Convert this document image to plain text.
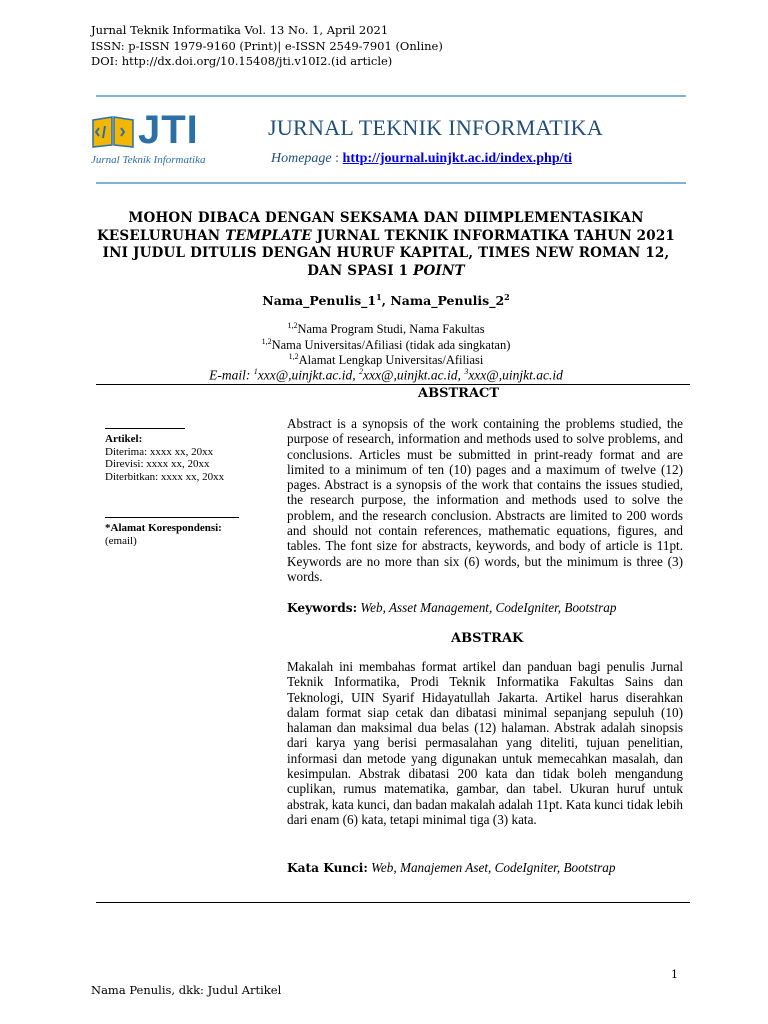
Jurnal Teknik Informatika Vol. 13 No. 1, April 2021
ISSN: p-ISSN 1979-9160 (Print)| e-ISSN 2549-7901 (Online)
DOI: http://dx.doi.org/10.15408/jti.v10I2.(id article)
JTI
Jurnal Teknik Informatika
JURNAL TEKNIK INFORMATIKA
Homepage : http://journal.uinjkt.ac.id/index.php/ti
MOHON DIBACA DENGAN SEKSAMA DAN DIIMPLEMENTASIKAN KESELURUHAN TEMPLATE JURNAL TEKNIK INFORMATIKA TAHUN 2021 INI JUDUL DITULIS DENGAN HURUF KAPITAL, TIMES NEW ROMAN 12, DAN SPASI 1 POINT
$Nama\_Penulis\_1^1$, $Nama\_Penulis\_2^2$
$^{1,2}$Nama Program Studi, Nama Fakultas
$^{1,2}$Nama Universitas/Afiliasi (tidak ada singkatan)
$^{1,2}$Alamat Lengkap Universitas/Afiliasi
E-mail: $^1$xxx@,uinjkt.ac.id, $^2$xxx@,uinjkt.ac.id, $^3$xxx@,uinjkt.ac.id
ABSTRACT
Artikel:
Diterima: xxxx xx, 20xx
Direvisi: xxxx xx, 20xx
Diterbitkan: xxxx xx, 20xx
*Alamat Korespondensi:
(email)
Abstract is a synopsis of the work containing the problems studied, the purpose of research, information and methods used to solve problems, and conclusions. Articles must be submitted in print-ready format and are limited to a minimum of ten (10) pages and a maximum of twelve (12) pages. Abstract is a synopsis of the work that contains the issues studied, the research purpose, the information and methods used to solve the problem, and the research conclusion. Abstracts are limited to 200 words and should not contain references, mathematic equations, figures, and tables. The font size for abstracts, keywords, and body of article is 11pt. Keywords are no more than six (6) words, but the minimum is three (3) words.
Keywords: Web, Asset Management, CodeIgniter, Bootstrap
ABSTRAK
Makalah ini membahas format artikel dan panduan bagi penulis Jurnal Teknik Informatika, Prodi Teknik Informatika Fakultas Sains dan Teknologi, UIN Syarif Hidayatullah Jakarta. Artikel harus diserahkan dalam format siap cetak dan dibatasi minimal sepanjang sepuluh (10) halaman dan maksimal dua belas (12) halaman. Abstrak adalah sinopsis dari karya yang berisi permasalahan yang diteliti, tujuan penelitian, informasi dan metode yang digunakan untuk memecahkan masalah, dan kesimpulan. Abstrak dibatasi 200 kata dan tidak boleh mengandung cuplikan, rumus matematika, gambar, dan tabel. Ukuran huruf untuk abstrak, kata kunci, dan badan makalah adalah 11pt. Kata kunci tidak lebih dari enam (6) kata, tetapi minimal tiga (3) kata.
Kata Kunci: Web, Manajemen Aset, CodeIgniter, Bootstrap
1
Nama Penulis, dkk: Judul Artikel
